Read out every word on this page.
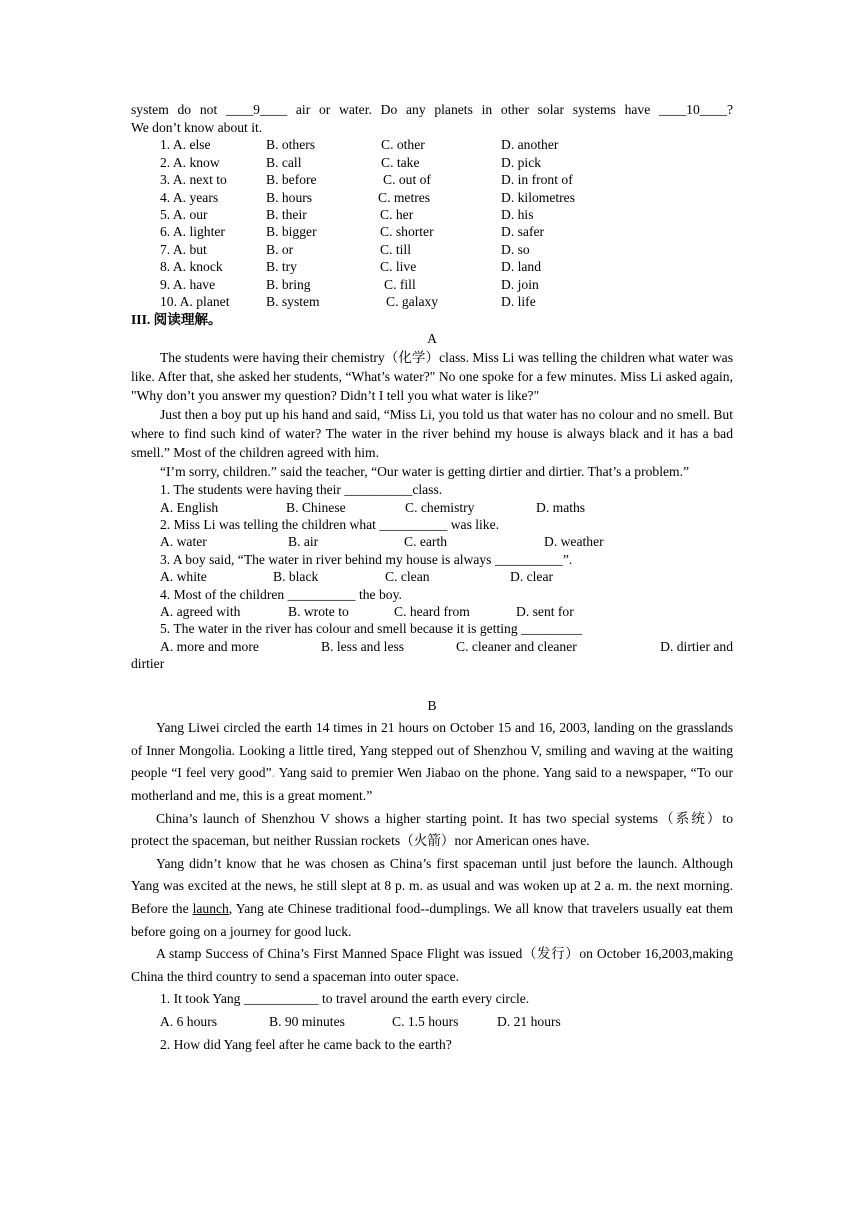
system do not ____9____ air or water. Do any planets in other solar systems have ____10____?

We don’t know about it.

1. A. else	B. others	C. other	D. another
2. A. know	B. call	C. take	D. pick
3. A. next to	B. before	C. out of	D. in front of
4. A. years	B. hours	C. metres	D. kilometres
5. A. our	B. their	C. her	D. his
6. A. lighter	B. bigger	C. shorter	D. safer
7. A. but	B. or	C. till	D. so
8. A. knock	B. try	C. live	D. land
9. A. have	B. bring	C. fill	D. join
10. A. planet	B. system	C. galaxy	D. life

III. 阅读理解。

A

The students were having their chemistry（化学）class. Miss Li was telling the children what water was like. After that, she asked her students, “What’s water?" No one spoke for a few minutes. Miss Li asked again, "Why don’t you answer my question? Didn’t I tell you what water is like?"

Just then a boy put up his hand and said, “Miss Li, you told us that water has no colour and no smell. But where to find such kind of water? The water in the river behind my house is always black and it has a bad smell.” Most of the children agreed with him.

“I’m sorry, children.” said the teacher, “Our water is getting dirtier and dirtier. That’s a problem.”

1. The students were having their __________class.

A. English	B. Chinese	C. chemistry	D. maths

2. Miss Li was telling the children what __________ was like.

A. water	B. air	C. earth	D. weather

3. A boy said, “The water in river behind my house is always __________”.

A. white	B. black	C. clean	D. clear

4. Most of the children __________ the boy.

A. agreed with	B. wrote to	C. heard from	D. sent for

5. The water in the river has colour and smell because it is getting _________

A. more and more	B. less and less	C. cleaner and cleaner	D. dirtier and

dirtier

B

Yang Liwei circled the earth 14 times in 21 hours on October 15 and 16, 2003, landing on the grasslands of Inner Mongolia. Looking a little tired, Yang stepped out of Shenzhou V, smiling and waving at the waiting people “I feel very good”. Yang said to premier Wen Jiabao on the phone. Yang said to a newspaper, “To our motherland and me, this is a great moment.”

China’s launch of Shenzhou V shows a higher starting point. It has two special systems（系统）to protect the spaceman, but neither Russian rockets（火箭）nor American ones have.

Yang didn’t know that he was chosen as China’s first spaceman until just before the launch. Although Yang was excited at the news, he still slept at 8 p. m. as usual and was woken up at 2 a. m. the next morning. Before the launch, Yang ate Chinese traditional food--dumplings. We all know that travelers usually eat them before going on a journey for good luck.

A stamp Success of China’s First Manned Space Flight was issued（发行）on October 16,2003,making China the third country to send a spaceman into outer space.

1. It took Yang ___________ to travel around the earth every circle.

A. 6 hours	B. 90 minutes	C. 1.5 hours	D. 21 hours

2. How did Yang feel after he came back to the earth?
